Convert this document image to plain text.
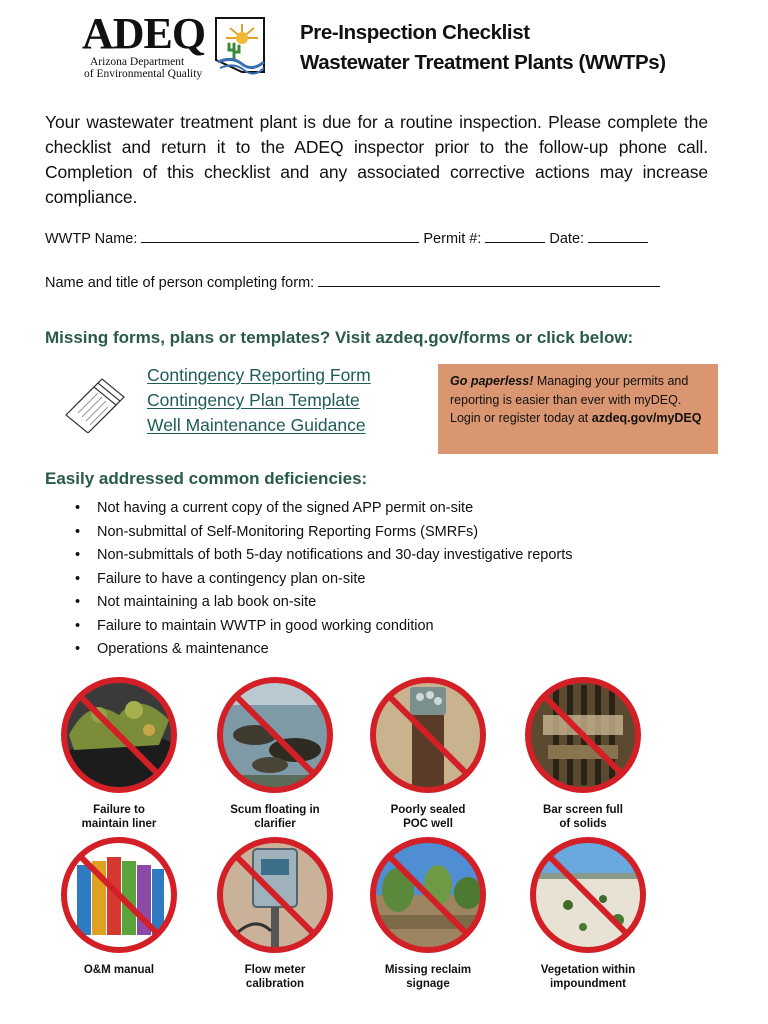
ADEQ
Arizona Department
of Environmental Quality
Pre-Inspection Checklist
Wastewater Treatment Plants (WWTPs)

Your wastewater treatment plant is due for a routine inspection. Please complete the checklist and return it to the ADEQ inspector prior to the follow-up phone call. Completion of this checklist and any associated corrective actions may increase compliance.

WWTP Name:	Permit #:	Date:
Name and title of person completing form:
Missing forms, plans or templates? Visit azdeq.gov/forms or click below:
Contingency Reporting Form
Contingency Plan Template
Well Maintenance Guidance
Go paperless! Managing your permits and reporting is easier than ever with myDEQ. Login or register today at azdeq.gov/myDEQ
Easily addressed common deficiencies:
• Not having a current copy of the signed APP permit on-site
• Non-submittal of Self-Monitoring Reporting Forms (SMRFs)
• Non-submittals of both 5-day notifications and 30-day investigative reports
• Failure to have a contingency plan on-site
• Not maintaining a lab book on-site
• Failure to maintain WWTP in good working condition
• Operations & maintenance
Failure to
maintain liner
Scum floating in
clarifier
Poorly sealed
POC well
Bar screen full
of solids
O&M manual	Flow meter
calibration
Missing reclaim
signage
Vegetation within
impoundment
